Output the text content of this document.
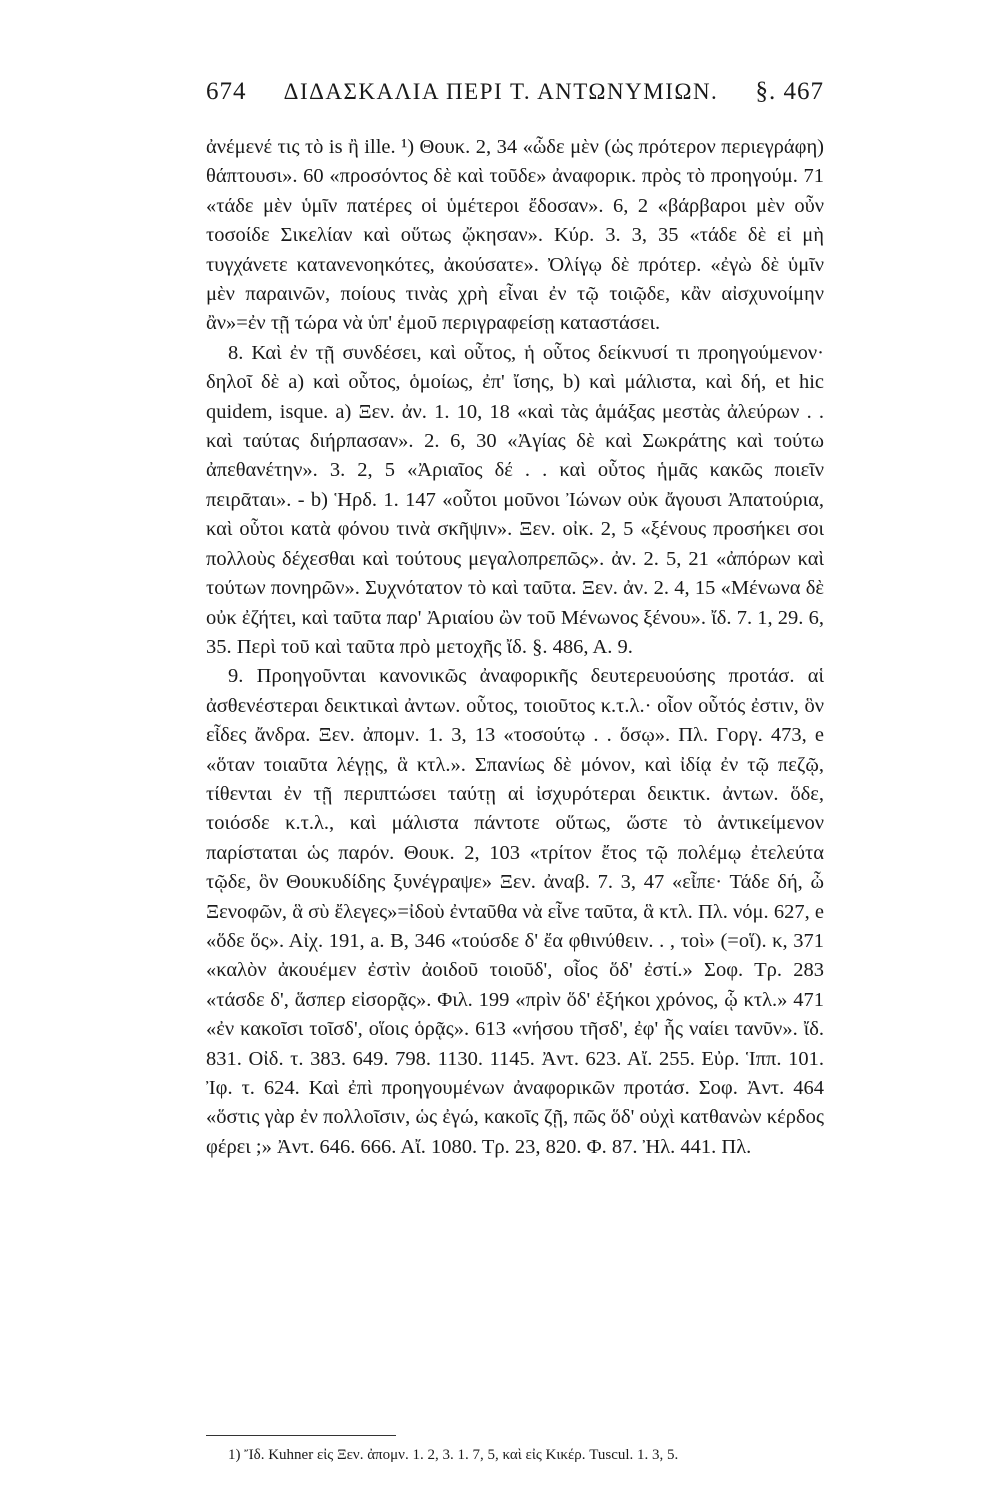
674	ΔΙΔΑΣΚΑΛΙΑ ΠΕΡΙ Τ. ΑΝΤΩΝΥΜΙΩΝ.	§. 467

ἀνέμενέ τις τὸ is ἢ ille. ¹) Θουκ. 2, 34 «ὧδε μὲν (ὡς πρότερον περιεγράφη) θάπτουσι». 60 «προσόντος δὲ καὶ τοῦδε» ἀναφορικ. πρὸς τὸ προηγούμ. 71 «τάδε μὲν ὑμῖν πατέρες οἱ ὑμέτεροι ἔδοσαν». 6, 2 «βάρβαροι μὲν οὖν τοσοίδε Σικελίαν καὶ οὕτως ᾤκησαν». Κύρ. 3. 3, 35 «τάδε δὲ εἰ μὴ τυγχάνετε κατανενοηκότες, ἀκούσατε». Ὀλίγῳ δὲ πρότερ. «ἐγὼ δὲ ὑμῖν μὲν παραινῶν, ποίους τινὰς χρὴ εἶναι ἐν τῷ τοιῷδε, κἂν αἰσχυνοίμην ἂν»=ἐν τῇ τώρα νὰ ὑπ' ἐμοῦ περιγραφείσῃ καταστάσει.

8. Καὶ ἐν τῇ συνδέσει, καὶ οὗτος, ἡ οὗτος δείκνυσί τι προηγούμενον· δηλοῖ δὲ a) καὶ οὗτος, ὁμοίως, ἐπ' ἴσης, b) καὶ μάλιστα, καὶ δή, et hic quidem, isque. a) Ξεν. ἀν. 1. 10, 18 «καὶ τὰς ἁμάξας μεστὰς ἀλεύρων . . καὶ ταύτας διήρπασαν». 2. 6, 30 «Ἀγίας δὲ καὶ Σωκράτης καὶ τούτω ἀπεθανέτην». 3. 2, 5 «Ἀριαῖος δέ . . καὶ οὗτος ἡμᾶς κακῶς ποιεῖν πειρᾶται». - b) Ἡρδ. 1. 147 «οὗτοι μοῦνοι Ἰώνων οὐκ ἄγουσι Ἀπατούρια, καὶ οὗτοι κατὰ φόνου τινὰ σκῆψιν». Ξεν. οἰκ. 2, 5 «ξένους προσήκει σοι πολλοὺς δέχεσθαι καὶ τούτους μεγαλοπρεπῶς». ἀν. 2. 5, 21 «ἀπόρων καὶ τούτων πονηρῶν». Συχνότατον τὸ καὶ ταῦτα. Ξεν. ἀν. 2. 4, 15 «Μένωνα δὲ οὐκ ἐζήτει, καὶ ταῦτα παρ' Ἀριαίου ὢν τοῦ Μένωνος ξένου». ἴδ. 7. 1, 29. 6, 35. Περὶ τοῦ καὶ ταῦτα πρὸ μετοχῆς ἴδ. §. 486, Α. 9.

9. Προηγοῦνται κανονικῶς ἀναφορικῆς δευτερευούσης προτάσ. αἱ ἀσθενέστεραι δεικτικαὶ ἀντων. οὗτος, τοιοῦτος κ.τ.λ.· οἷον οὗτός ἐστιν, ὃν εἶδες ἄνδρα. Ξεν. ἀπομν. 1. 3, 13 «τοσούτῳ . . ὅσῳ». Πλ. Γοργ. 473, e «ὅταν τοιαῦτα λέγῃς, ἃ κτλ.». Σπανίως δὲ μόνον, καὶ ἰδίᾳ ἐν τῷ πεζῷ, τίθενται ἐν τῇ περιπτώσει ταύτῃ αἱ ἰσχυρότεραι δεικτικ. ἀντων. ὅδε, τοιόσδε κ.τ.λ., καὶ μάλιστα πάντοτε οὕτως, ὥστε τὸ ἀντικείμενον παρίσταται ὡς παρόν. Θουκ. 2, 103 «τρίτον ἔτος τῷ πολέμῳ ἐτελεύτα τῷδε, ὃν Θουκυδίδης ξυνέγραψε» Ξεν. ἀναβ. 7. 3, 47 «εἶπε· Τάδε δή, ὦ Ξενοφῶν, ἃ σὺ ἔλεγες»=ἰδοὺ ἐνταῦθα νὰ εἶνε ταῦτα, ἃ κτλ. Πλ. νόμ. 627, e «ὅδε ὅς». Αἰχ. 191, a. Β, 346 «τούσδε δ' ἔα φθινύθειν. . , τοὶ» (=οἵ). κ, 371 «καλὸν ἀκουέμεν ἐστὶν ἀοιδοῦ τοιοῦδ', οἷος ὅδ' ἐστί.» Σοφ. Τρ. 283 «τάσδε δ', ἅσπερ εἰσορᾷς». Φιλ. 199 «πρὶν ὅδ' ἐξήκοι χρόνος, ᾧ κτλ.» 471 «ἐν κακοῖσι τοῖσδ', οἵοις ὁρᾷς». 613 «νήσου τῆσδ', ἐφ' ἧς ναίει τανῦν». ἴδ. 831. Οἰδ. τ. 383. 649. 798. 1130. 1145. Ἀντ. 623. Αἴ. 255. Εὐρ. Ἱππ. 101. Ἰφ. τ. 624. Καὶ ἐπὶ προηγουμένων ἀναφορικῶν προτάσ. Σοφ. Ἀντ. 464 «ὅστις γὰρ ἐν πολλοῖσιν, ὡς ἐγώ, κακοῖς ζῇ, πῶς ὅδ' οὐχὶ κατθανὼν κέρδος φέρει ;» Ἀντ. 646. 666. Αἴ. 1080. Τρ. 23, 820. Φ. 87. Ἠλ. 441. Πλ.

1) Ἴδ. Kuhner εἰς Ξεν. ἀπομν. 1. 2, 3. 1. 7, 5, καὶ εἰς Κικέρ. Tuscul. 1. 3, 5.
